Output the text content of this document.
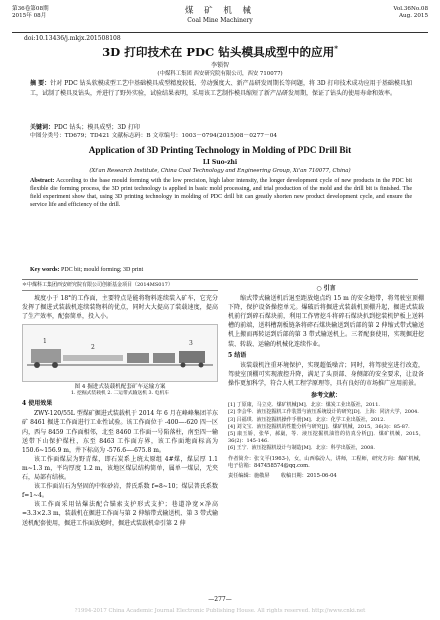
第36卷第08期
2015年 08月	煤 矿 机 械
Coal Mine Machinery
Vol.36No.08
Aug. 2015
doi:10.13436/j.mkjx.201508108
3D 打印技术在 PDC 钻头模具成型中的应用*
李锁智
(中煤科工集团 西安研究院有限公司，西安 710077)
摘 要：针对 PDC 钻头软模成型工艺中基础模具成型精度较低、劳动强度大、新产品研发周期长等问题，将 3D 打印技术成功应用于基础模具加工，试制了模具及钻头，并进行了野外实验，试验结果表明，采用该工艺制作模具缩短了新产品研发周期，保证了钻头的使用寿命和效率。
关键词：PDC 钻头；模具成型；3D 打印
中图分类号：TD679；TD421 文献标志码：B 文章编号：1003－0794(2015)08－0277－04
Application of 3D Printing Technology in Molding of PDC Drill Bit
LI Suo-zhi
(Xi'an Research Institute, China Coal Technology and Engineering Group, Xi'an 710077, China)
Abstract: According to the base mould forming with the low precision, high labor intensity, the longer development cycle of new products in the PDC bit flexible die forming process, the 3D print technology is applied in basic mold processing, and trial production of the mold and the drill bit is finished. The field experiment show that, using 3D printing technology in molding of PDC drill bit can greatly shorten new product development cycle, and ensure the service life and efficiency of the drill.
Key words: PDC bit; mould forming; 3D print
＊中煤科工集团西安研究院有限公司创新基金项目（2014MS017）

坡度小于 18°的工作面，主要特点是能将物料连续装入矿车，它充分发挥了掘进式装载机连续装物料的优点，同时大大提高了装载速度，提高了生产效率，配套简单，投入小。

1
2
3
图 4 掘进式装载机配套矿车运输方案
1. 挖掘式装载机 2. 二运带式输送机 3. 电机车
4 使用效果

ZWY-120/55L 型煤矿掘进式装载机于 2014 年 6 月在峰峰集团羊东矿 8461 掘进工作面进行工业性试验。该工作面位于 -400—-620 四一区内，西与 8459 工作面相邻，北至 8460 工作面一号陷落柱，南至四一输送带下山保护煤柱，东至 8463 工作面方界，该工作面地面标高为 150.6~156.9 m，井下标高为 -576.6—-675.8 m。

该工作面煤层为野青煤，即石炭系上统太原组 4#煤，煤层厚 1.1 m~1.3 m，平均厚度 1.2 m，该地区煤层结构简单，属单一煤层，无夹石，局部有结核。

该工作面岩石为坚固的中粒砂岩，普氏系数 f=8~10；煤层普氏系数 f=1~4。

该工作面采用钻爆法配合锚索支护形式支护；巷道净宽×净高=3.3×2.3 m，装载机在掘进工作面与第 2 伸缩带式输送机、第 3 带式输送机配套使用，掘进工作面放炮时，掘进式装载机牵引第 2 伸

○ 引言

缩式带式输送机后退至距放炮点约 15 m 的安全地带，将驾驶室顶棚下降，保护设备操控单元。爆破后将掘进式装载机顶棚升起，掘进式装载机前行到碎石煤块前，利用工作臂挖斗将碎石煤块扒到挖装机铲板上送料槽的前端，送料槽刮板链条将碎石煤块输送到后部的第 2 伸缩式带式输送机上搬而再转运到后部的第 3 带式输送机上。三者配套使用，实现掘进挖装、转载、运输的机械化连续作业。

5 结语

该装载机注重环境保护，实现超低噪音；同时，将驾驶室进行改造，驾驶室顶棚可实现液控升降，满足了头顶部、身侧部的安全要求，让设备操作更加科学，符合人机工程学原理等，具有良好的市场推广应用前景。

参考文献：

[1] 丁原康，马立克．煤矿机械[M]．北京：煤炭工业出版社，2011.

[2] 李会华．液压挖掘机工作装置与液压系统设计的研究[D]．上海：同济大学，2004.

[3] 吕福琪．液压挖掘机操作手册[M]．北京：化学工业出版社，2012.

[4] 刘文宝．液压挖掘机的性能分析与研究[J]．煤矿机械，2015，36(3)：85-87.

[5] 康玉娇，张华，郝崴，等．液压挖掘机油管的仿真分析[J]．煤矿机械，2015，36(2)：145-146.

[6] 王宁．液压挖掘机设计与制造[M]．北京：科学出版社，2008.

作者简介：张文平(1963-)，女，山西临汾人，讲师，工程师，研究方向：煤矿机械，电子信箱：847458574@qq.com.
责任编辑：施敬屏 收稿日期：2015-06-04
—277—
?1994-2017 China Academic Journal Electronic Publishing House. All rights reserved. http://www.cnki.net
